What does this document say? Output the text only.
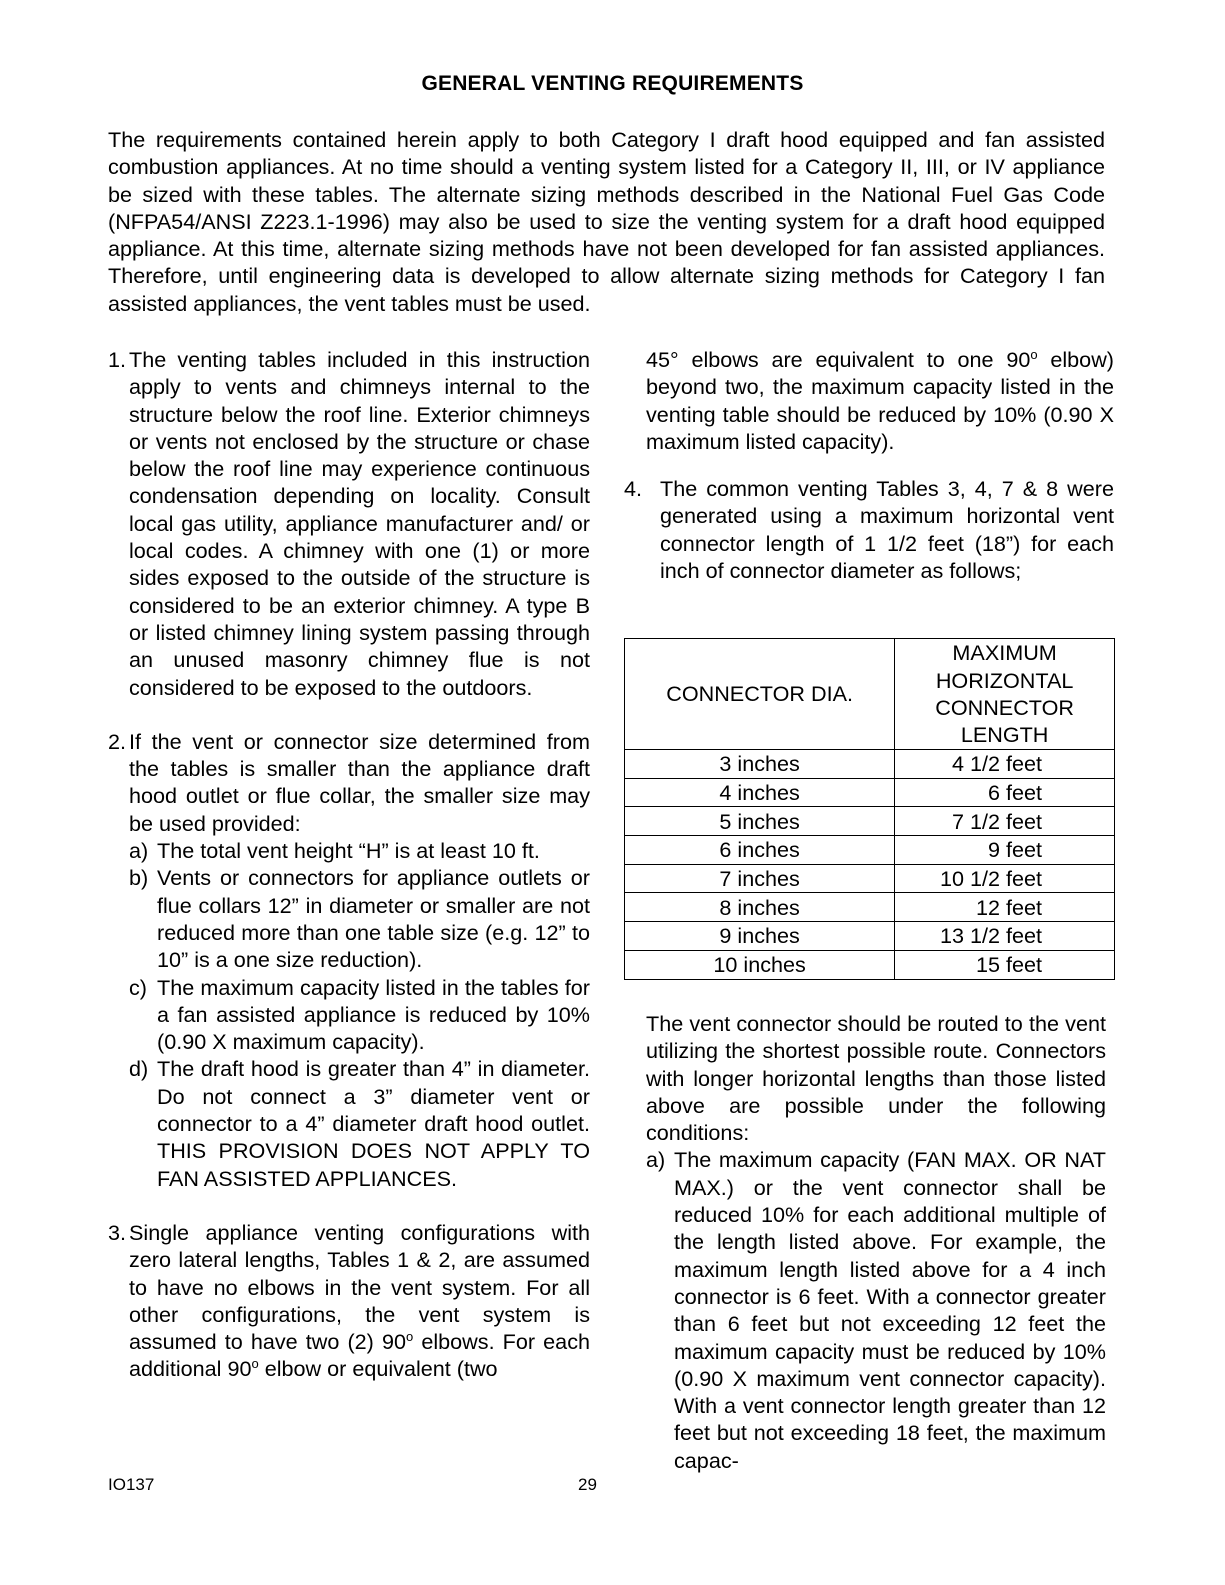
GENERAL VENTING REQUIREMENTS

The requirements contained herein apply to both Category I draft hood equipped and fan assisted combustion appliances. At no time should a venting system listed for a Category II, III, or IV appliance be sized with these tables. The alternate sizing methods described in the National Fuel Gas Code (NFPA54/ANSI Z223.1-1996) may also be used to size the venting system for a draft hood equipped appliance. At this time, alternate sizing methods have not been developed for fan assisted appliances. Therefore, until engineering data is developed to allow alternate sizing methods for Category I fan assisted appliances, the vent tables must be used.

1. The venting tables included in this instruction apply to vents and chimneys internal to the structure below the roof line. Exterior chimneys or vents not enclosed by the structure or chase below the roof line may experience continuous condensation depending on locality. Consult local gas utility, appliance manufacturer and/ or local codes. A chimney with one (1) or more sides exposed to the outside of the structure is considered to be an exterior chimney. A type B or listed chimney lining system passing through an unused masonry chimney flue is not considered to be exposed to the outdoors.
2. If the vent or connector size determined from the tables is smaller than the appliance draft hood outlet or flue collar, the smaller size may be used provided:
a) The total vent height “H” is at least 10 ft.
b) Vents or connectors for appliance outlets or flue collars 12” in diameter or smaller are not reduced more than one table size (e.g. 12” to 10” is a one size reduction).
c) The maximum capacity listed in the tables for a fan assisted appliance is reduced by 10% (0.90 X maximum capacity).
d) The draft hood is greater than 4” in diameter. Do not connect a 3” diameter vent or connector to a 4” diameter draft hood outlet. THIS PROVISION DOES NOT APPLY TO FAN ASSISTED APPLIANCES.
3. Single appliance venting configurations with zero lateral lengths, Tables 1 & 2, are assumed to have no elbows in the vent system. For all other configurations, the vent system is assumed to have two (2) 90$^o$ elbows. For each additional 90$^o$ elbow or equivalent (two
45° elbows are equivalent to one 90$^o$ elbow) beyond two, the maximum capacity listed in the venting table should be reduced by 10% (0.90 X maximum listed capacity).
4. The common venting Tables 3, 4, 7 & 8 were generated using a maximum horizontal vent connector length of 1 1/2 feet (18”) for each inch of connector diameter as follows;
CONNECTOR DIA.	MAXIMUM HORIZONTAL CONNECTOR LENGTH
3 inches	4 1/2 feet
4 inches	6 feet
5 inches	7 1/2 feet
6 inches	9 feet
7 inches	10 1/2 feet
8 inches	12 feet
9 inches	13 1/2 feet
10 inches	15 feet

The vent connector should be routed to the vent utilizing the shortest possible route. Connectors with longer horizontal lengths than those listed above are possible under the following conditions:

a) The maximum capacity (FAN MAX. OR NAT MAX.) or the vent connector shall be reduced 10% for each additional multiple of the length listed above. For example, the maximum length listed above for a 4 inch connector is 6 feet. With a connector greater than 6 feet but not exceeding 12 feet the maximum capacity must be reduced by 10% (0.90 X maximum vent connector capacity). With a vent connector length greater than 12 feet but not exceeding 18 feet, the maximum capac-
IO137	29
